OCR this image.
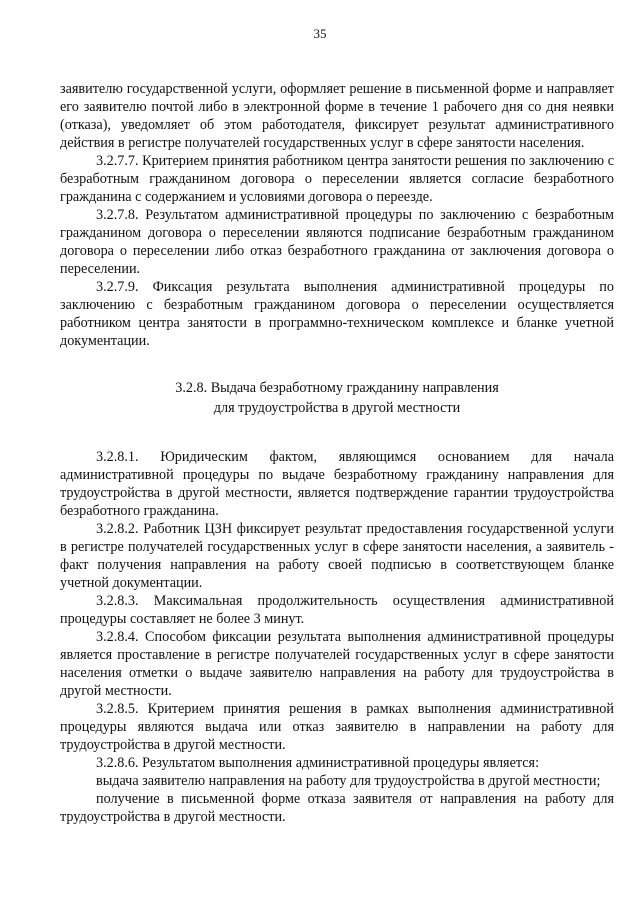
35

заявителю государственной услуги, оформляет решение в письменной форме и направляет его заявителю почтой либо в электронной форме в течение 1 рабочего дня со дня неявки (отказа), уведомляет об этом работодателя, фиксирует результат административного действия в регистре получателей государственных услуг в сфере занятости населения.

3.2.7.7. Критерием принятия работником центра занятости решения по заключению с безработным гражданином договора о переселении является согласие безработного гражданина с содержанием и условиями договора о переезде.

3.2.7.8. Результатом административной процедуры по заключению с безработным гражданином договора о переселении являются подписание безработным гражданином договора о переселении либо отказ безработного гражданина от заключения договора о переселении.

3.2.7.9. Фиксация результата выполнения административной процедуры по заключению с безработным гражданином договора о переселении осуществляется работником центра занятости в программно-техническом комплексе и бланке учетной документации.

3.2.8. Выдача безработному гражданину направления
для трудоустройства в другой местности

3.2.8.1. Юридическим фактом, являющимся основанием для начала административной процедуры по выдаче безработному гражданину направления для трудоустройства в другой местности, является подтверждение гарантии трудоустройства безработного гражданина.

3.2.8.2. Работник ЦЗН фиксирует результат предоставления государственной услуги в регистре получателей государственных услуг в сфере занятости населения, а заявитель - факт получения направления на работу своей подписью в соответствующем бланке учетной документации.

3.2.8.3. Максимальная продолжительность осуществления административной процедуры составляет не более 3 минут.

3.2.8.4. Способом фиксации результата выполнения административной процедуры является проставление в регистре получателей государственных услуг в сфере занятости населения отметки о выдаче заявителю направления на работу для трудоустройства в другой местности.

3.2.8.5. Критерием принятия решения в рамках выполнения административной процедуры являются выдача или отказ заявителю в направлении на работу для трудоустройства в другой местности.

3.2.8.6. Результатом выполнения административной процедуры является:

выдача заявителю направления на работу для трудоустройства в другой местности;

получение в письменной форме отказа заявителя от направления на работу для трудоустройства в другой местности.
